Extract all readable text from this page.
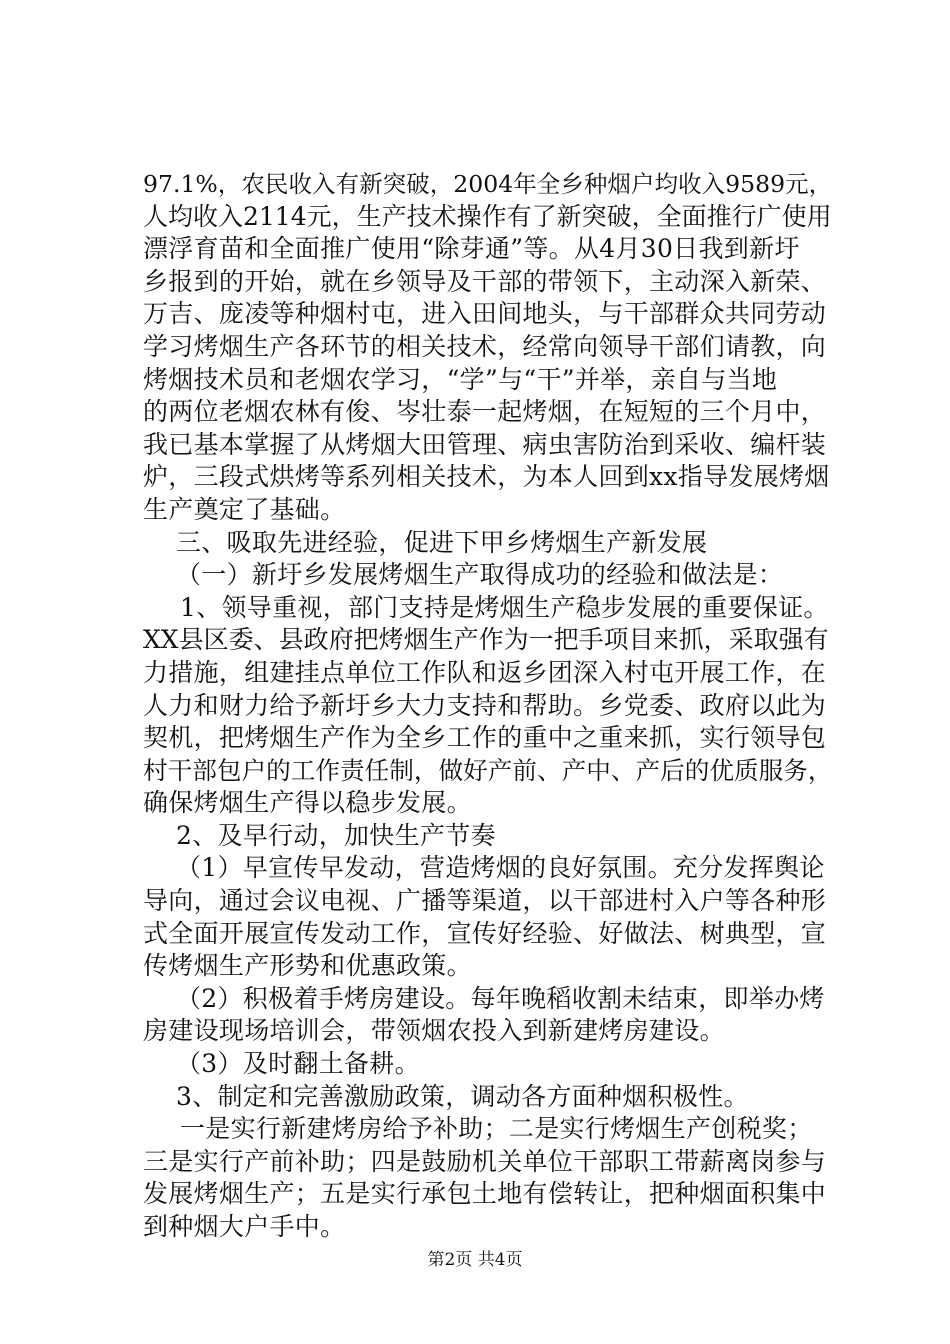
97.1%，农民收入有新突破，2004年全乡种烟户均收入9589元，
人均收入2114元，生产技术操作有了新突破，全面推行广使用
漂浮育苗和全面推广使用“除芽通”等。从4月30日我到新圩
乡报到的开始，就在乡领导及干部的带领下，主动深入新荣、
万吉、庞凌等种烟村屯，进入田间地头，与干部群众共同劳动
学习烤烟生产各环节的相关技术，经常向领导干部们请教，向
烤烟技术员和老烟农学习，“学”与“干”并举，亲自与当地
的两位老烟农林有俊、岑壮泰一起烤烟，在短短的三个月中，
我已基本掌握了从烤烟大田管理、病虫害防治到采收、编杆装
炉，三段式烘烤等系列相关技术，为本人回到xx指导发展烤烟
生产奠定了基础。
三、吸取先进经验，促进下甲乡烤烟生产新发展
（一）新圩乡发展烤烟生产取得成功的经验和做法是：
1、领导重视，部门支持是烤烟生产稳步发展的重要保证。
XX县区委、县政府把烤烟生产作为一把手项目来抓，采取强有
力措施，组建挂点单位工作队和返乡团深入村屯开展工作，在
人力和财力给予新圩乡大力支持和帮助。乡党委、政府以此为
契机，把烤烟生产作为全乡工作的重中之重来抓，实行领导包
村干部包户的工作责任制，做好产前、产中、产后的优质服务，
确保烤烟生产得以稳步发展。
2、及早行动，加快生产节奏
（1）早宣传早发动，营造烤烟的良好氛围。充分发挥舆论
导向，通过会议电视、广播等渠道，以干部进村入户等各种形
式全面开展宣传发动工作，宣传好经验、好做法、树典型，宣
传烤烟生产形势和优惠政策。
（2）积极着手烤房建设。每年晚稻收割未结束，即举办烤
房建设现场培训会，带领烟农投入到新建烤房建设。
（3）及时翻土备耕。
3、制定和完善激励政策，调动各方面种烟积极性。
一是实行新建烤房给予补助；二是实行烤烟生产创税奖；
三是实行产前补助；四是鼓励机关单位干部职工带薪离岗参与
发展烤烟生产；五是实行承包土地有偿转让，把种烟面积集中
到种烟大户手中。
第2页 共4页
